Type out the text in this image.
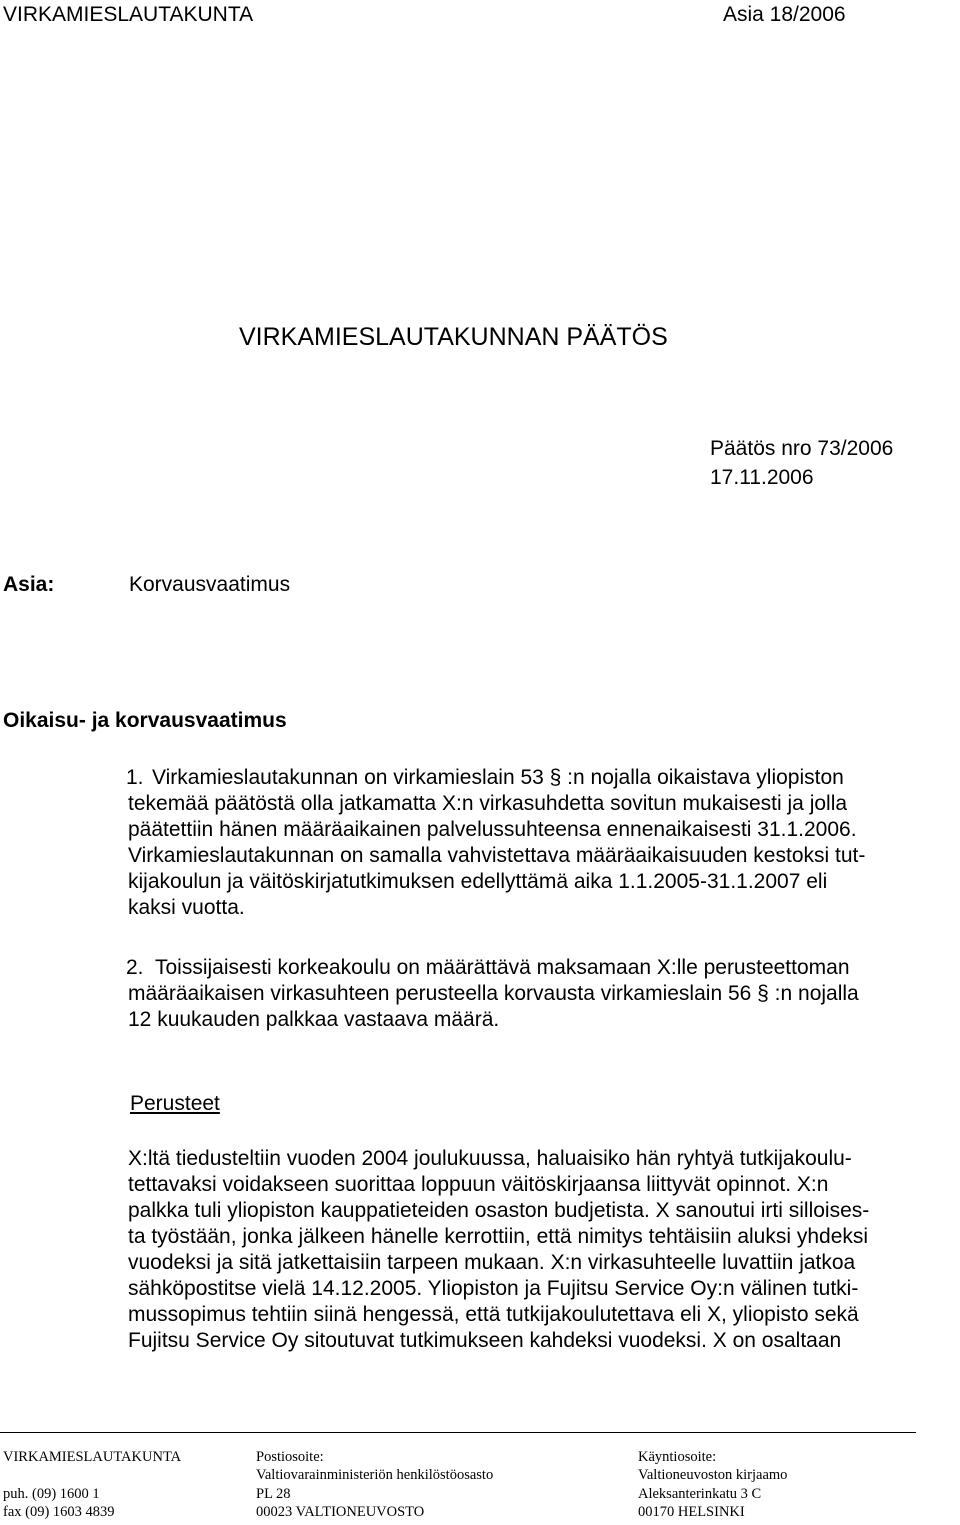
VIRKAMIESLAUTAKUNTA	Asia 18/2006
VIRKAMIESLAUTAKUNNAN PÄÄTÖS
Päätös nro 73/2006
17.11.2006
Asia:	Korvausvaatimus
Oikaisu- ja korvausvaatimus
1. Virkamieslautakunnan on virkamieslain 53 § :n nojalla oikaistava yliopiston
tekemää päätöstä olla jatkamatta X:n virkasuhdetta sovitun mukaisesti ja jolla
päätettiin hänen määräaikainen palvelussuhteensa ennenaikaisesti 31.1.2006.
Virkamieslautakunnan on samalla vahvistettava määräaikaisuuden kestoksi tut-
kijakoulun ja väitöskirjatutkimuksen edellyttämä aika 1.1.2005-31.1.2007 eli
kaksi vuotta.
2. Toissijaisesti korkeakoulu on määrättävä maksamaan X:lle perusteettoman
määräaikaisen virkasuhteen perusteella korvausta virkamieslain 56 § :n nojalla
12 kuukauden palkkaa vastaava määrä.
Perusteet
X:ltä tiedusteltiin vuoden 2004 joulukuussa, haluaisiko hän ryhtyä tutkijakoulu-
tettavaksi voidakseen suorittaa loppuun väitöskirjaansa liittyvät opinnot. X:n
palkka tuli yliopiston kauppatieteiden osaston budjetista. X sanoutui irti silloises-
ta työstään, jonka jälkeen hänelle kerrottiin, että nimitys tehtäisiin aluksi yhdeksi
vuodeksi ja sitä jatkettaisiin tarpeen mukaan. X:n virkasuhteelle luvattiin jatkoa
sähköpostitse vielä 14.12.2005. Yliopiston ja Fujitsu Service Oy:n välinen tutki-
mussopimus tehtiin siinä hengessä, että tutkijakoulutettava eli X, yliopisto sekä
Fujitsu Service Oy sitoutuvat tutkimukseen kahdeksi vuodeksi. X on osaltaan
VIRKAMIESLAUTAKUNTA
puh. (09) 1600 1
fax (09) 1603 4839
Postiosoite:
Valtiovarainministeriön henkilöstöosasto
PL 28
00023 VALTIONEUVOSTO
Käyntiosoite:
Valtioneuvoston kirjaamo
Aleksanterinkatu 3 C
00170 HELSINKI
